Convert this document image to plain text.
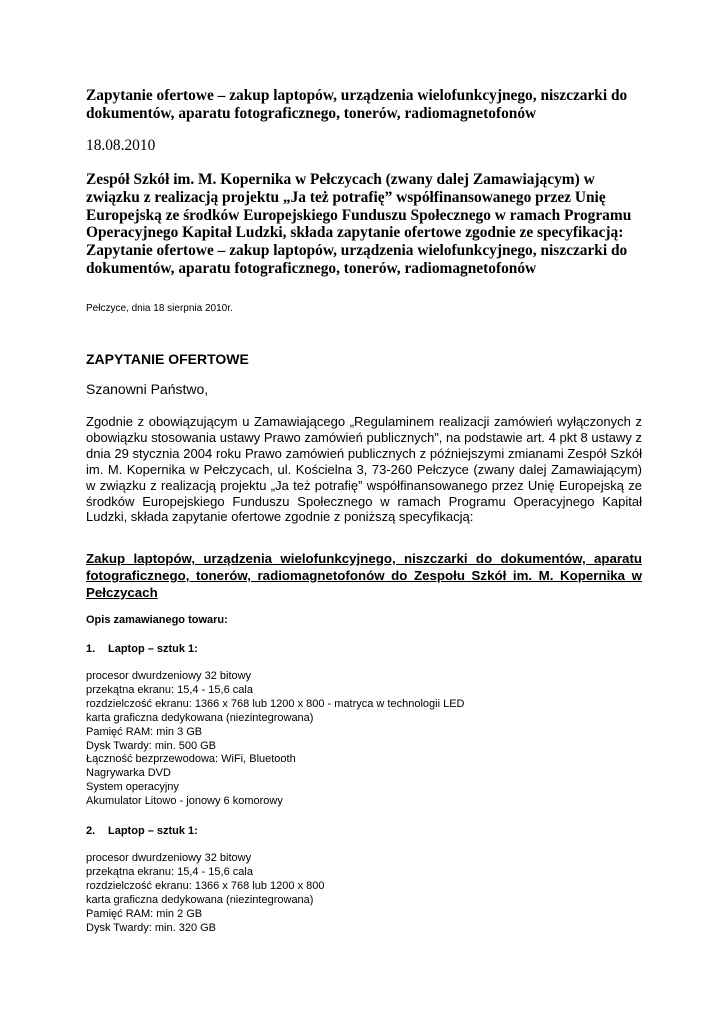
Zapytanie ofertowe – zakup laptopów, urządzenia wielofunkcyjnego, niszczarki do dokumentów, aparatu fotograficznego, tonerów, radiomagnetofonów

18.08.2010

Zespół Szkół im. M. Kopernika w Pełczycach (zwany dalej Zamawiającym) w związku z realizacją projektu „Ja też potrafię” współfinansowanego przez Unię Europejską ze środków Europejskiego Funduszu Społecznego w ramach Programu Operacyjnego Kapitał Ludzki, składa zapytanie ofertowe zgodnie ze specyfikacją: Zapytanie ofertowe – zakup laptopów, urządzenia wielofunkcyjnego, niszczarki do dokumentów, aparatu fotograficznego, tonerów, radiomagnetofonów

Pełczyce, dnia 18 sierpnia 2010r.

ZAPYTANIE OFERTOWE

Szanowni Państwo,

Zgodnie z obowiązującym u Zamawiającego „Regulaminem realizacji zamówień wyłączonych z obowiązku stosowania ustawy Prawo zamówień publicznych”, na podstawie art. 4 pkt 8 ustawy z dnia 29 stycznia 2004 roku Prawo zamówień publicznych z późniejszymi zmianami Zespół Szkół im. M. Kopernika w Pełczycach, ul. Kościelna 3, 73-260 Pełczyce (zwany dalej Zamawiającym) w związku z realizacją projektu „Ja też potrafię” współfinansowanego przez Unię Europejską ze środków Europejskiego Funduszu Społecznego w ramach Programu Operacyjnego Kapitał Ludzki, składa zapytanie ofertowe zgodnie z poniższą specyfikacją:

Zakup laptopów, urządzenia wielofunkcyjnego, niszczarki do dokumentów, aparatu fotograficznego, tonerów, radiomagnetofonów do Zespołu Szkół im. M. Kopernika w Pełczycach

Opis zamawianego towaru:

1. Laptop – sztuk 1:

procesor dwurdzeniowy 32 bitowy
przekątna ekranu: 15,4 - 15,6 cala
rozdzielczość ekranu: 1366 x 768 lub 1200 x 800 - matryca w technologii LED
karta graficzna dedykowana (niezintegrowana)
Pamięć RAM: min 3 GB
Dysk Twardy: min. 500 GB
Łączność bezprzewodowa: WiFi, Bluetooth
Nagrywarka DVD
System operacyjny
Akumulator Litowo - jonowy 6 komorowy

2. Laptop – sztuk 1:

procesor dwurdzeniowy 32 bitowy
przekątna ekranu: 15,4 - 15,6 cala
rozdzielczość ekranu: 1366 x 768 lub 1200 x 800
karta graficzna dedykowana (niezintegrowana)
Pamięć RAM: min 2 GB
Dysk Twardy: min. 320 GB
